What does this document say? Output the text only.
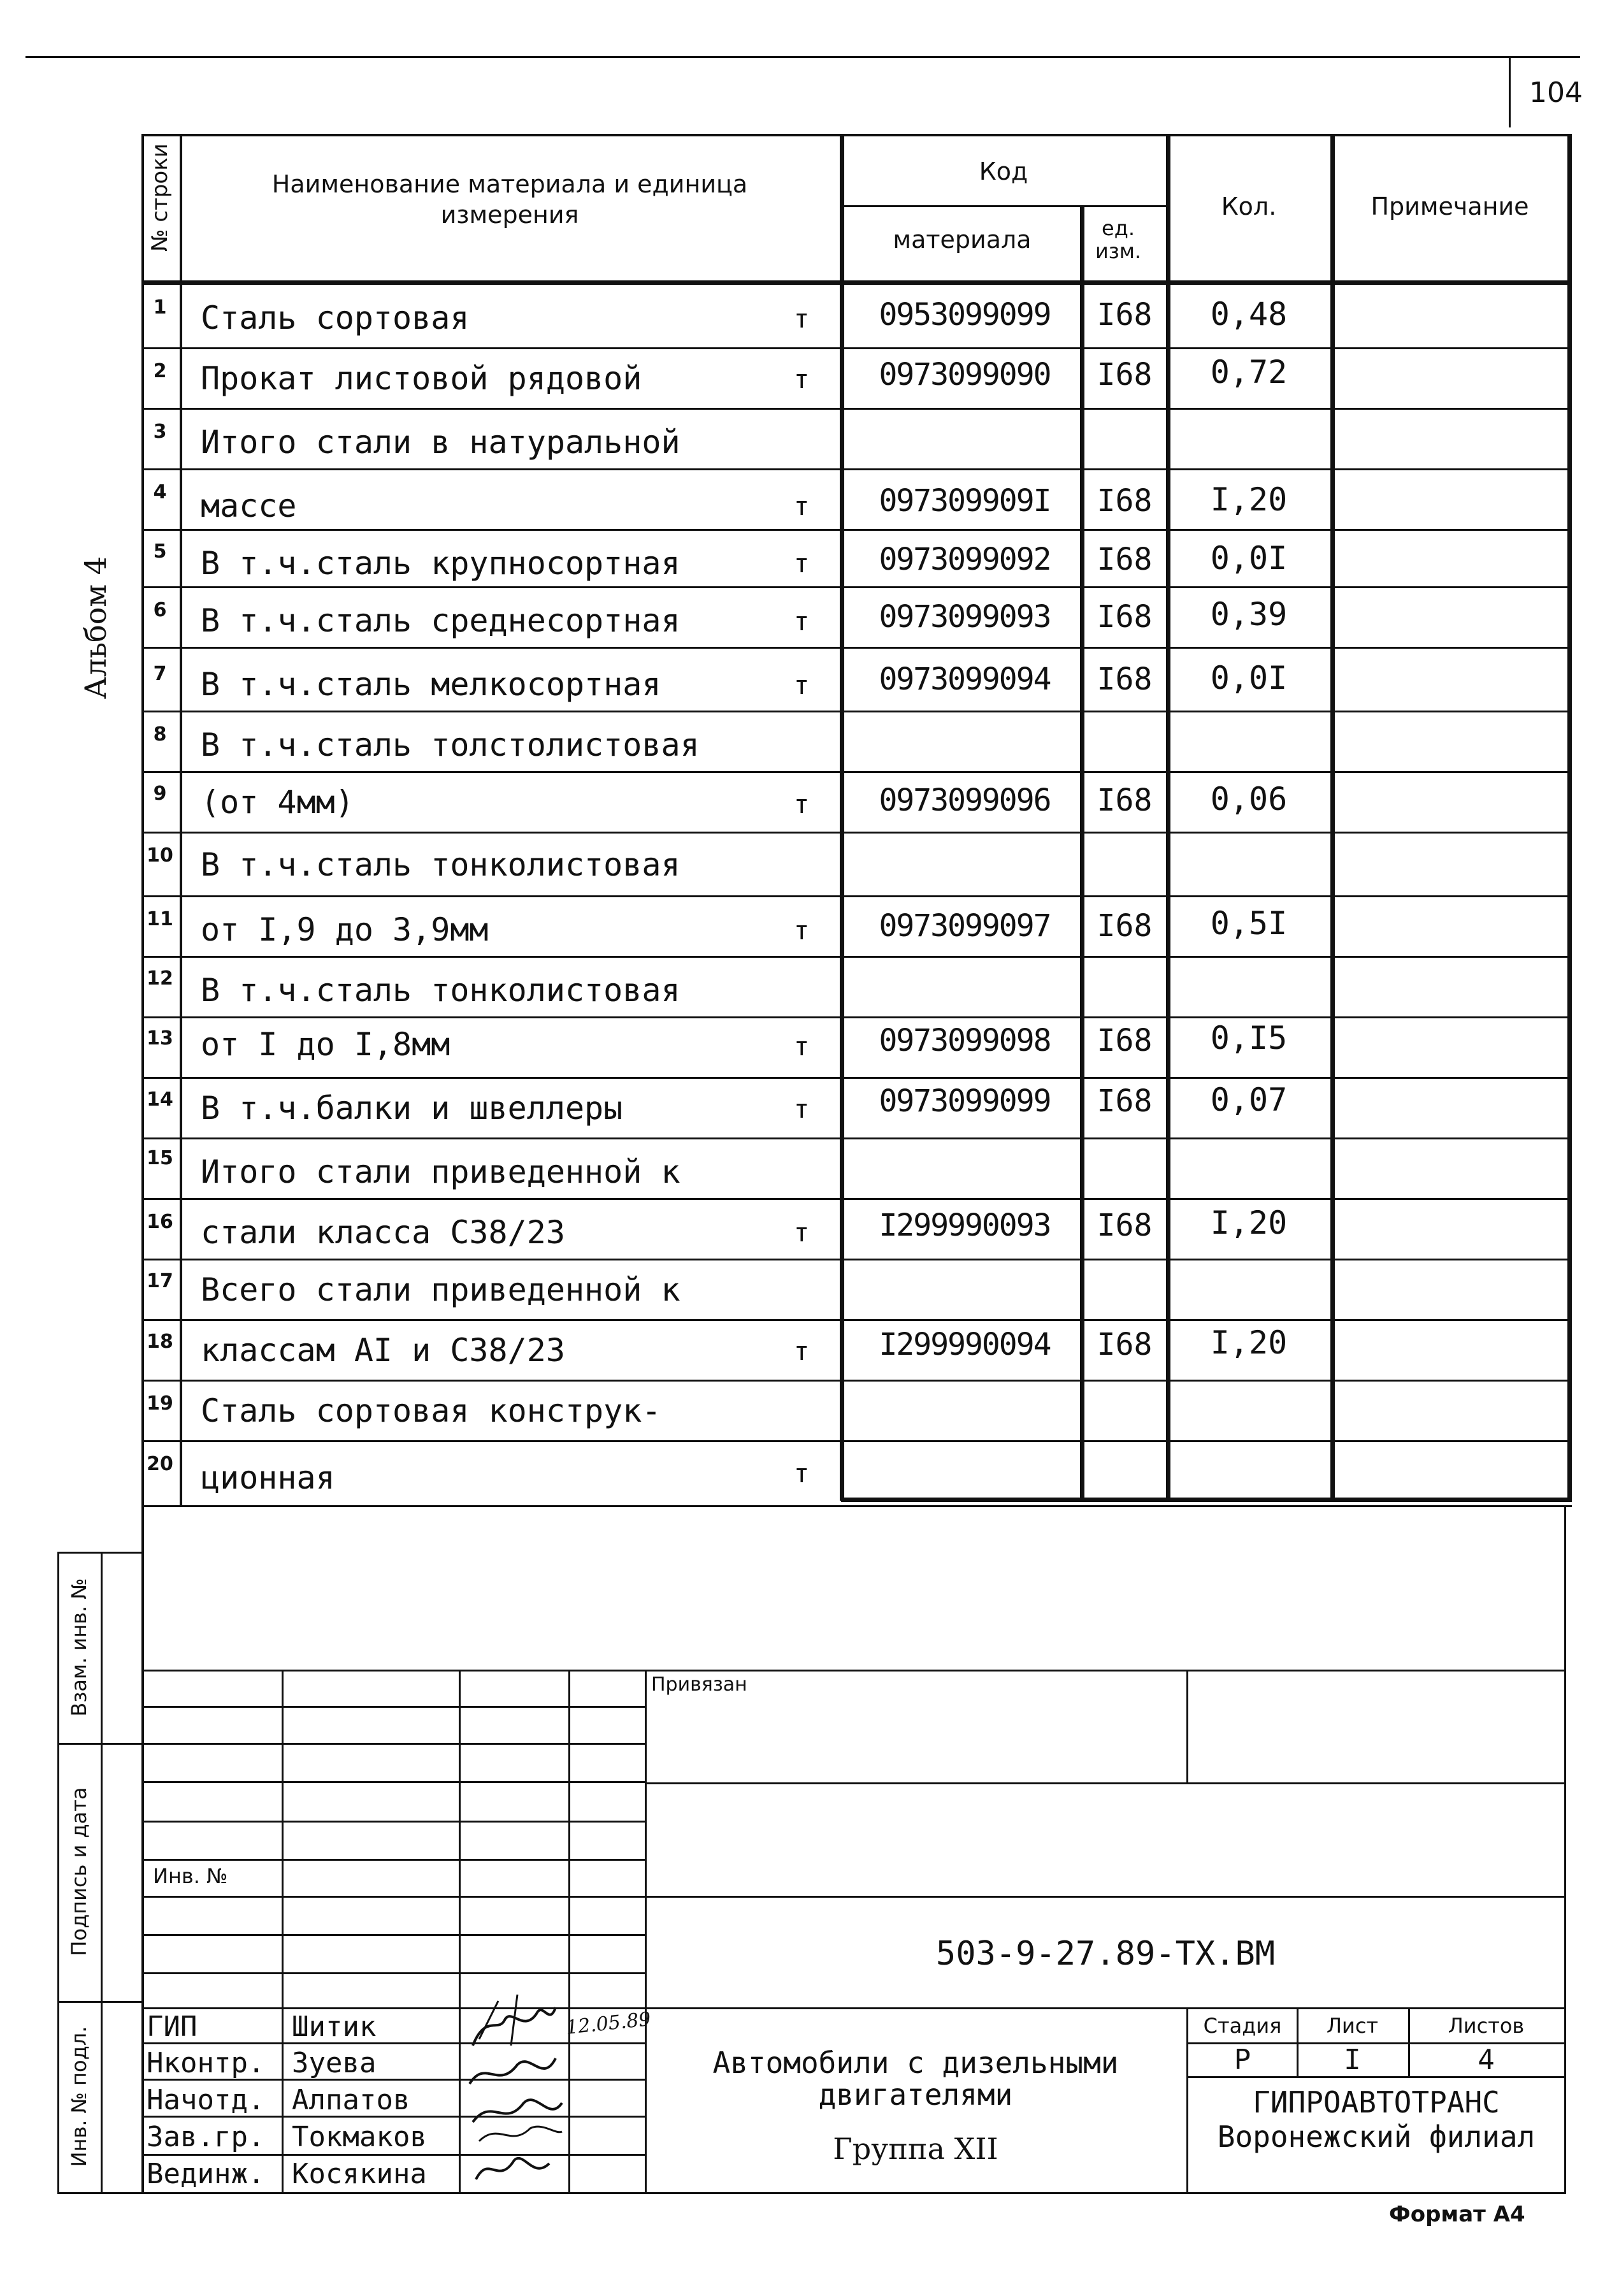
104
Альбом 4
№ строки	Наименование материала и единица измерения
Код
материала	ед. изм.
Кол.	Примечание
1	Сталь сортовая	т	0953099099	I68	0,48
2	Прокат листовой рядовой	т	0973099090	I68	0,72
3	Итого стали в натуральной
4	массе	т	097309909I	I68	I,20
5	В т.ч.сталь крупносортная	т	0973099092	I68	0,0I
6	В т.ч.сталь среднесортная	т	0973099093	I68	0,39
7	В т.ч.сталь мелкосортная	т	0973099094	I68	0,0I
8	В т.ч.сталь толстолистовая
9	(от 4мм)	т	0973099096	I68	0,06
10 В т.ч.сталь тонколистовая
11 от I,9 до 3,9мм	т	0973099097	I68	0,5I
12 В т.ч.сталь тонколистовая
13 от I до I,8мм	т	0973099098	I68	0,I5
14 В т.ч.балки и швеллеры	т	0973099099	I68	0,07
15 Итого стали приведенной к
16 стали класса С38/23	т	I299990093	I68	I,20
17 Всего стали приведенной к
18 классам AI и С38/23	т	I299990094	I68	I,20
19 Сталь сортовая конструк-
20 ционная	т
Взам. инв. №
Подпись и дата
Инв. № подл.
Привязан
Инв. №
503-9-27.89-ТХ.ВМ
ГИП	Шитик
Нконтр. Зуева
Начотд. Алпатов
Зав.гр. Токмаков
Вединж. Косякина
12.05.89
Автомобили с дизельными двигателями
Группа XII
Стадия	Лист	Листов
Р	I	4
ГИПРОАВТОТРАНС
Воронежский филиал
Формат А4
